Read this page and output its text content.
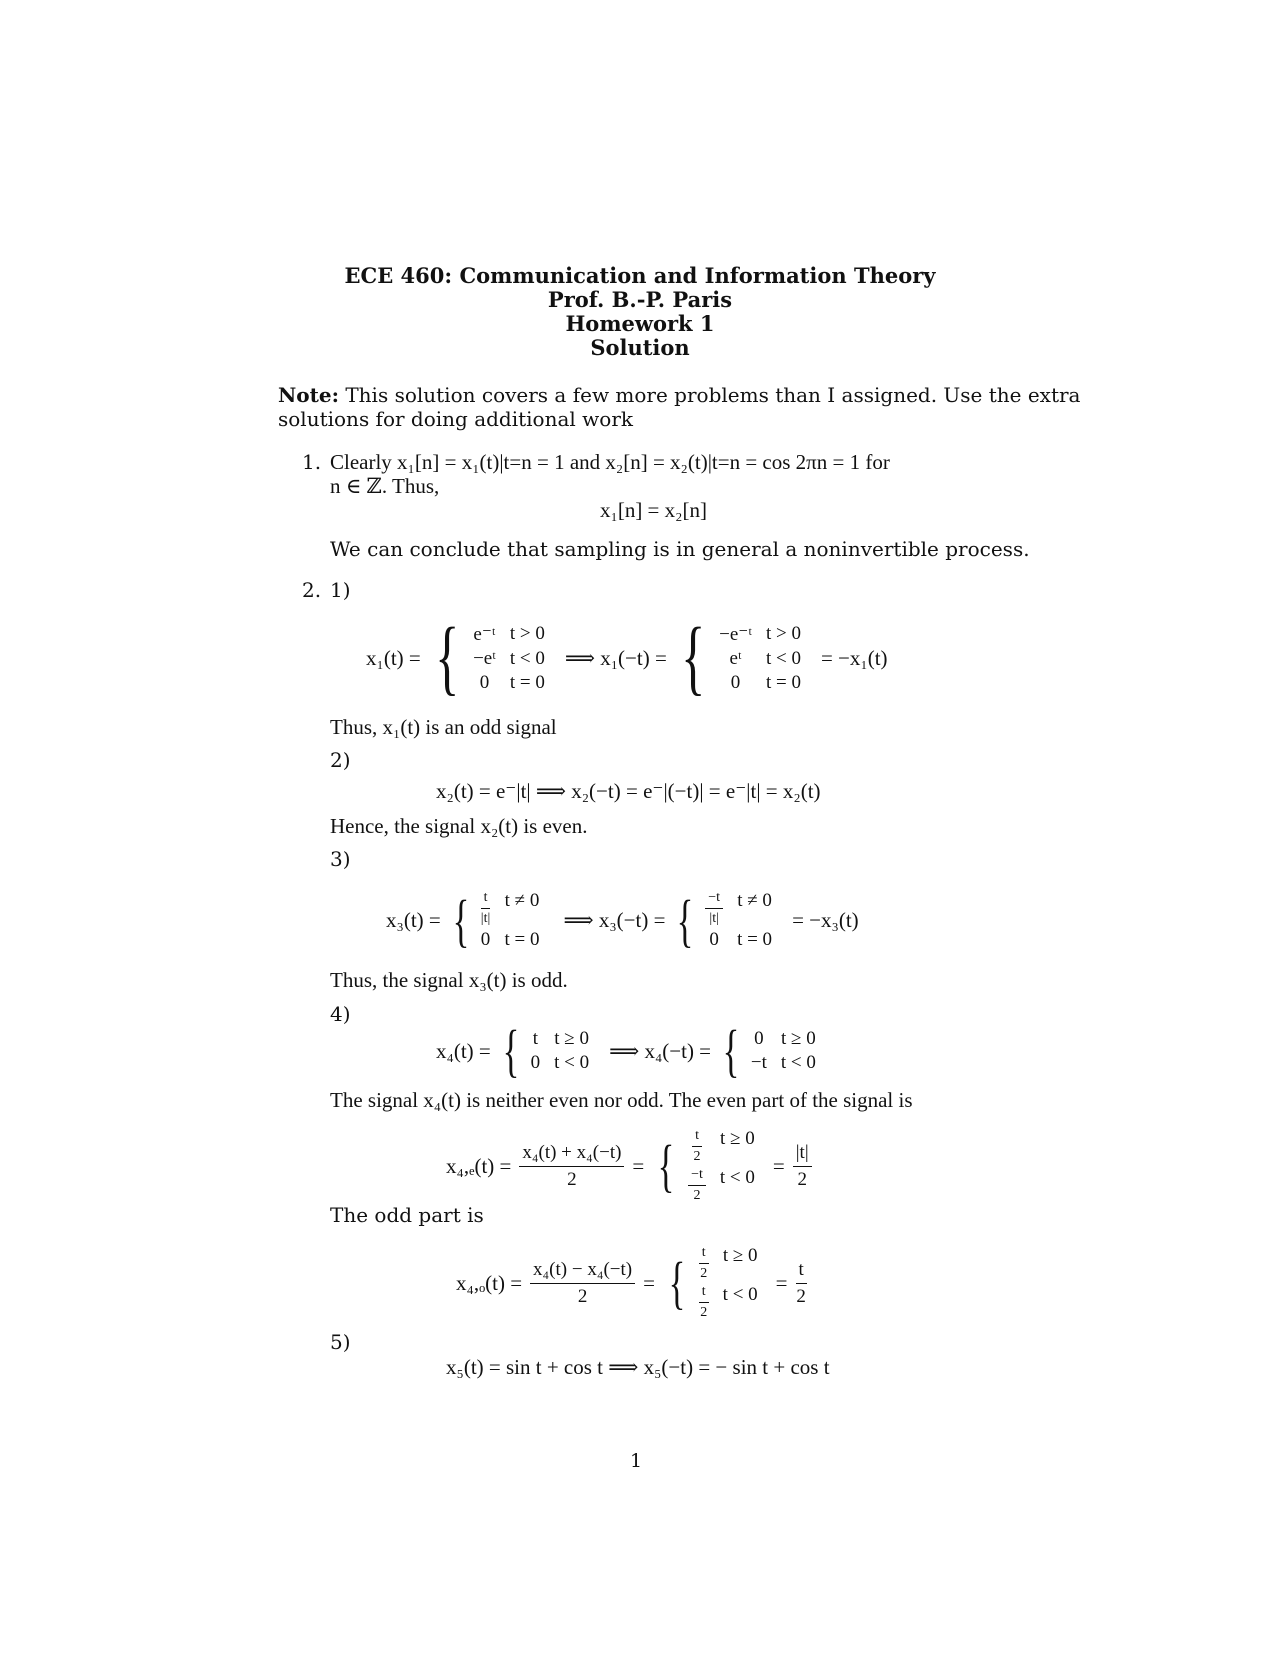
ECE 460: Communication and Information Theory
Prof. B.-P. Paris
Homework 1
Solution
Note: This solution covers a few more problems than I assigned. Use the extra
solutions for doing additional work
1. Clearly x₁[n] = x₁(t)|t=n = 1 and x₂[n] = x₂(t)|t=n = cos 2πn = 1 for
n ∈ ℤ. Thus,
x₁[n] = x₂[n]
We can conclude that sampling is in general a noninvertible process.
2. 1)
x₁(t) = { e⁻ᵗ t > 0
−eᵗ t < 0
0	t = 0
⟹ x₁(−t) = { −e⁻ᵗ t > 0
eᵗ	t < 0
0	t = 0
= −x₁(t)
Thus, x₁(t) is an odd signal
2)
x₂(t) = e⁻|t| ⟹ x₂(−t) = e⁻|(−t)| = e⁻|t| = x₂(t)
Hence, the signal x₂(t) is even.
3)
x₃(t) = { $\frac{t}{|t|}$ t ≠ 0
0 t = 0
⟹ x₃(−t) = { $\frac{-t}{|t|}$ t ≠ 0
0 t = 0
= −x₃(t)
Thus, the signal x₃(t) is odd.
4)
x₄(t) = { t t ≥ 0
0 t < 0 ⟹ x₄(−t) = { 0 t ≥ 0
−t t < 0
The signal x₄(t) is neither even nor odd. The even part of the signal is
$x_4,_e(t) = \frac{\text{x₄(t) + x₄(−t)}}{2}$ = { $\frac{t}{2}$ t ≥ 0
$\frac{-t}{2}$ $t < 0 = \frac{|t|}{2}$
The odd part is
$x_4,_o(t) = \frac{\text{x₄(t) − x₄(−t)}}{2}$ = { $\frac{t}{2}$ t ≥ 0
$\frac{t}{2}$ $t < 0 = \frac{t}{2}$
5)
x₅(t) = sin t + cos t ⟹ x₅(−t) = − sin t + cos t
1
